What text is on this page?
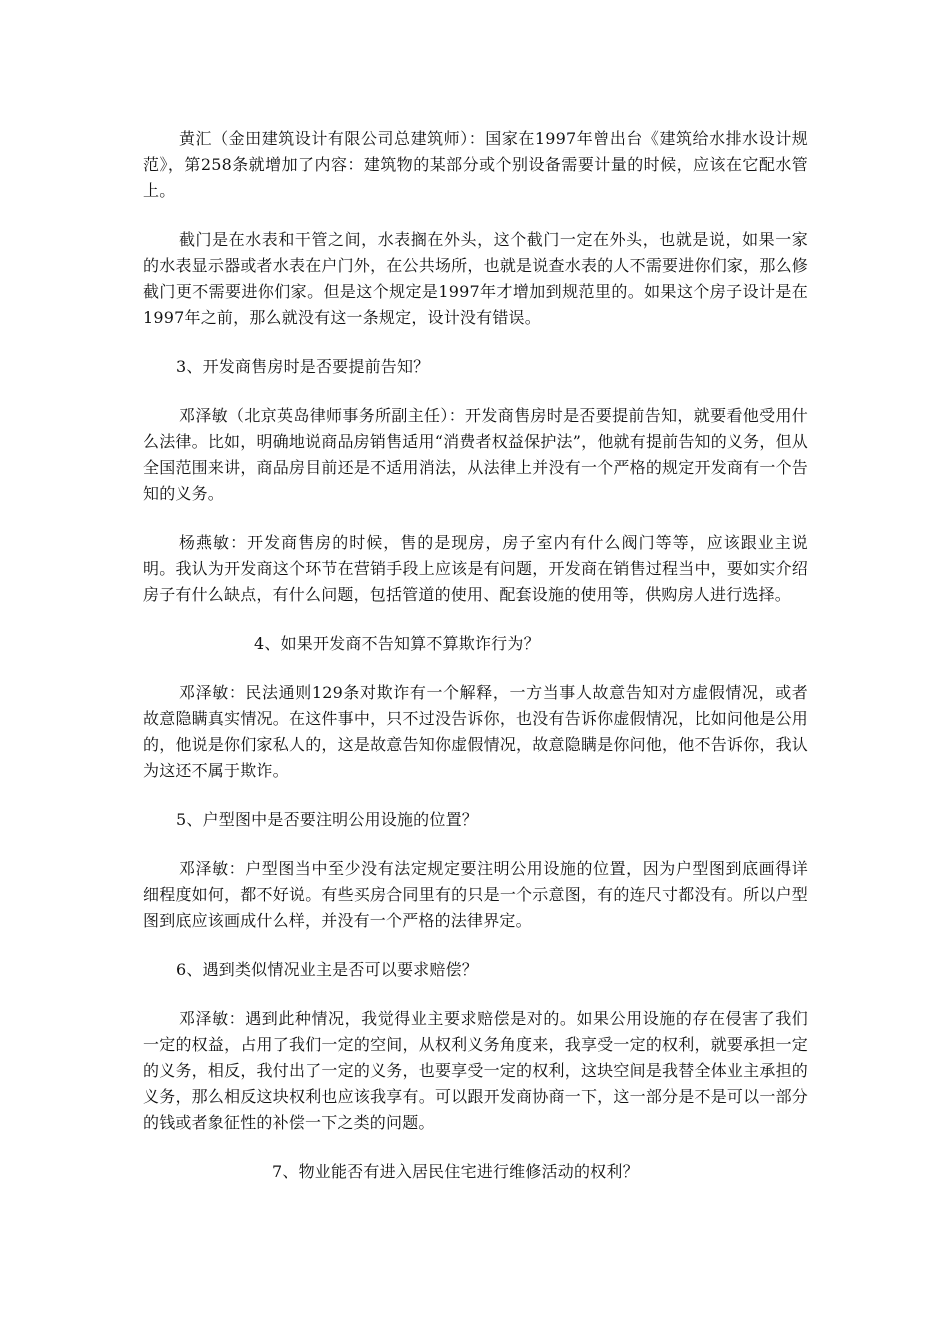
黄汇（金田建筑设计有限公司总建筑师）：国家在1997年曾出台《建筑给水排水设计规范》，第258条就增加了内容：建筑物的某部分或个别设备需要计量的时候，应该在它配水管上。

截门是在水表和干管之间，水表搁在外头，这个截门一定在外头，也就是说，如果一家的水表显示器或者水表在户门外，在公共场所，也就是说查水表的人不需要进你们家，那么修截门更不需要进你们家。但是这个规定是1997年才增加到规范里的。如果这个房子设计是在1997年之前，那么就没有这一条规定，设计没有错误。

3、开发商售房时是否要提前告知？

邓泽敏（北京英岛律师事务所副主任）：开发商售房时是否要提前告知，就要看他受用什么法律。比如，明确地说商品房销售适用“消费者权益保护法”，他就有提前告知的义务，但从全国范围来讲，商品房目前还是不适用消法，从法律上并没有一个严格的规定开发商有一个告知的义务。

杨燕敏：开发商售房的时候，售的是现房，房子室内有什么阀门等等，应该跟业主说明。我认为开发商这个环节在营销手段上应该是有问题，开发商在销售过程当中，要如实介绍房子有什么缺点，有什么问题，包括管道的使用、配套设施的使用等，供购房人进行选择。

4、如果开发商不告知算不算欺诈行为？

邓泽敏：民法通则129条对欺诈有一个解释，一方当事人故意告知对方虚假情况，或者故意隐瞒真实情况。在这件事中，只不过没告诉你，也没有告诉你虚假情况，比如问他是公用的，他说是你们家私人的，这是故意告知你虚假情况，故意隐瞒是你问他，他不告诉你，我认为这还不属于欺诈。

5、户型图中是否要注明公用设施的位置？

邓泽敏：户型图当中至少没有法定规定要注明公用设施的位置，因为户型图到底画得详细程度如何，都不好说。有些买房合同里有的只是一个示意图，有的连尺寸都没有。所以户型图到底应该画成什么样，并没有一个严格的法律界定。

6、遇到类似情况业主是否可以要求赔偿？

邓泽敏：遇到此种情况，我觉得业主要求赔偿是对的。如果公用设施的存在侵害了我们一定的权益，占用了我们一定的空间，从权利义务角度来，我享受一定的权利，就要承担一定的义务，相反，我付出了一定的义务，也要享受一定的权利，这块空间是我替全体业主承担的义务，那么相反这块权利也应该我享有。可以跟开发商协商一下，这一部分是不是可以一部分的钱或者象征性的补偿一下之类的问题。

7、物业能否有进入居民住宅进行维修活动的权利？
